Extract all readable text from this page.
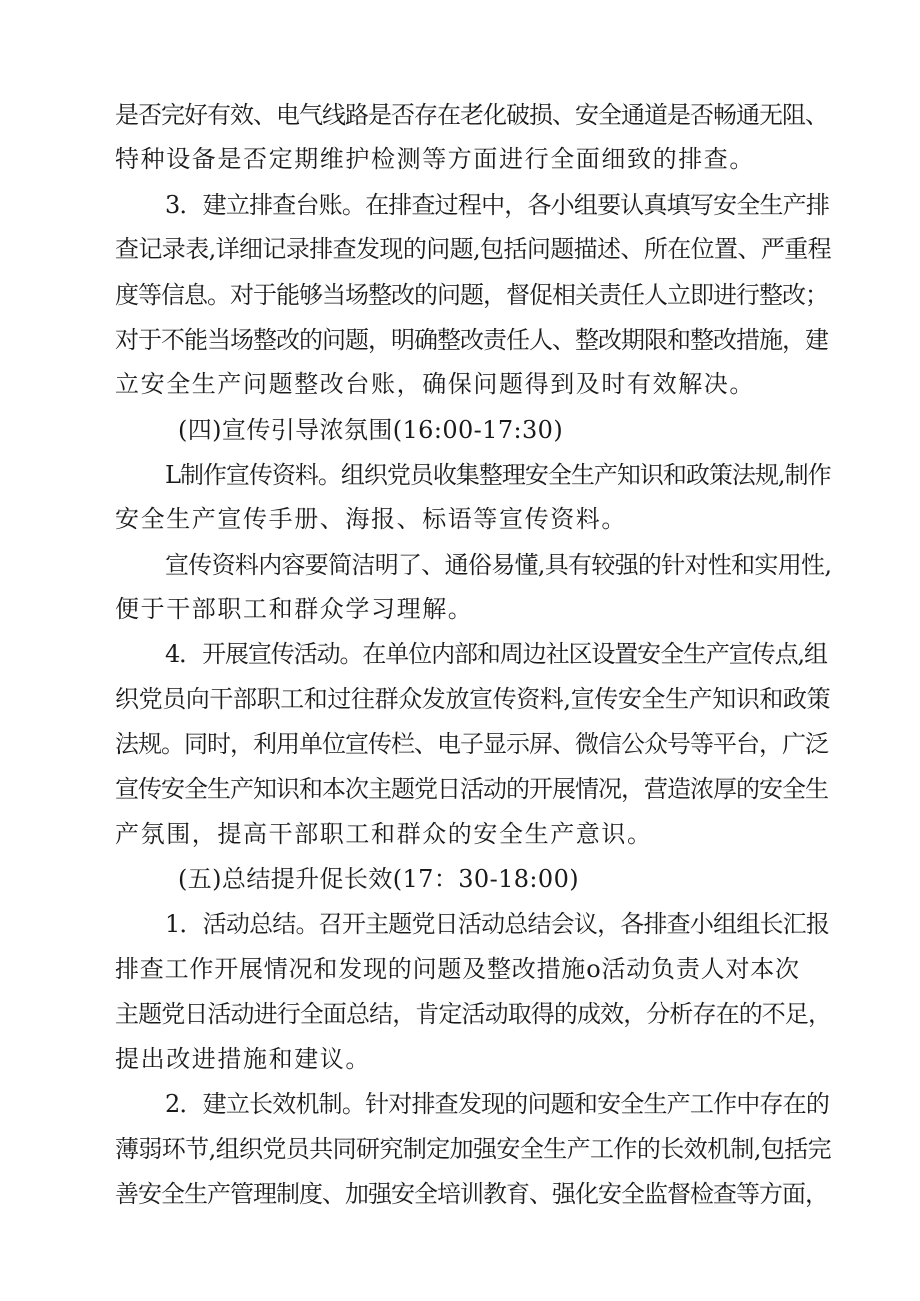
是否完好有效、电气线路是否存在老化破损、安全通道是否畅通无阻、
特种设备是否定期维护检测等方面进行全面细致的排查。
3．建立排查台账。在排查过程中，各小组要认真填写安全生产排
查记录表,详细记录排查发现的问题,包括问题描述、所在位置、严重程
度等信息。对于能够当场整改的问题，督促相关责任人立即进行整改；
对于不能当场整改的问题，明确整改责任人、整改期限和整改措施，建
立安全生产问题整改台账，确保问题得到及时有效解决。
(四)宣传引导浓氛围(16:00-17:30)
L制作宣传资料。组织党员收集整理安全生产知识和政策法规,制作
安全生产宣传手册、海报、标语等宣传资料。
宣传资料内容要简洁明了、通俗易懂,具有较强的针对性和实用性,
便于干部职工和群众学习理解。
4．开展宣传活动。在单位内部和周边社区设置安全生产宣传点,组
织党员向干部职工和过往群众发放宣传资料,宣传安全生产知识和政策
法规。同时，利用单位宣传栏、电子显示屏、微信公众号等平台，广泛
宣传安全生产知识和本次主题党日活动的开展情况，营造浓厚的安全生
产氛围，提高干部职工和群众的安全生产意识。
(五)总结提升促长效(17：30-18:00)
1．活动总结。召开主题党日活动总结会议，各排查小组组长汇报
排查工作开展情况和发现的问题及整改措施o活动负责人对本次
主题党日活动进行全面总结，肯定活动取得的成效，分析存在的不足，
提出改进措施和建议。
2．建立长效机制。针对排查发现的问题和安全生产工作中存在的
薄弱环节,组织党员共同研究制定加强安全生产工作的长效机制,包括完
善安全生产管理制度、加强安全培训教育、强化安全监督检查等方面，
